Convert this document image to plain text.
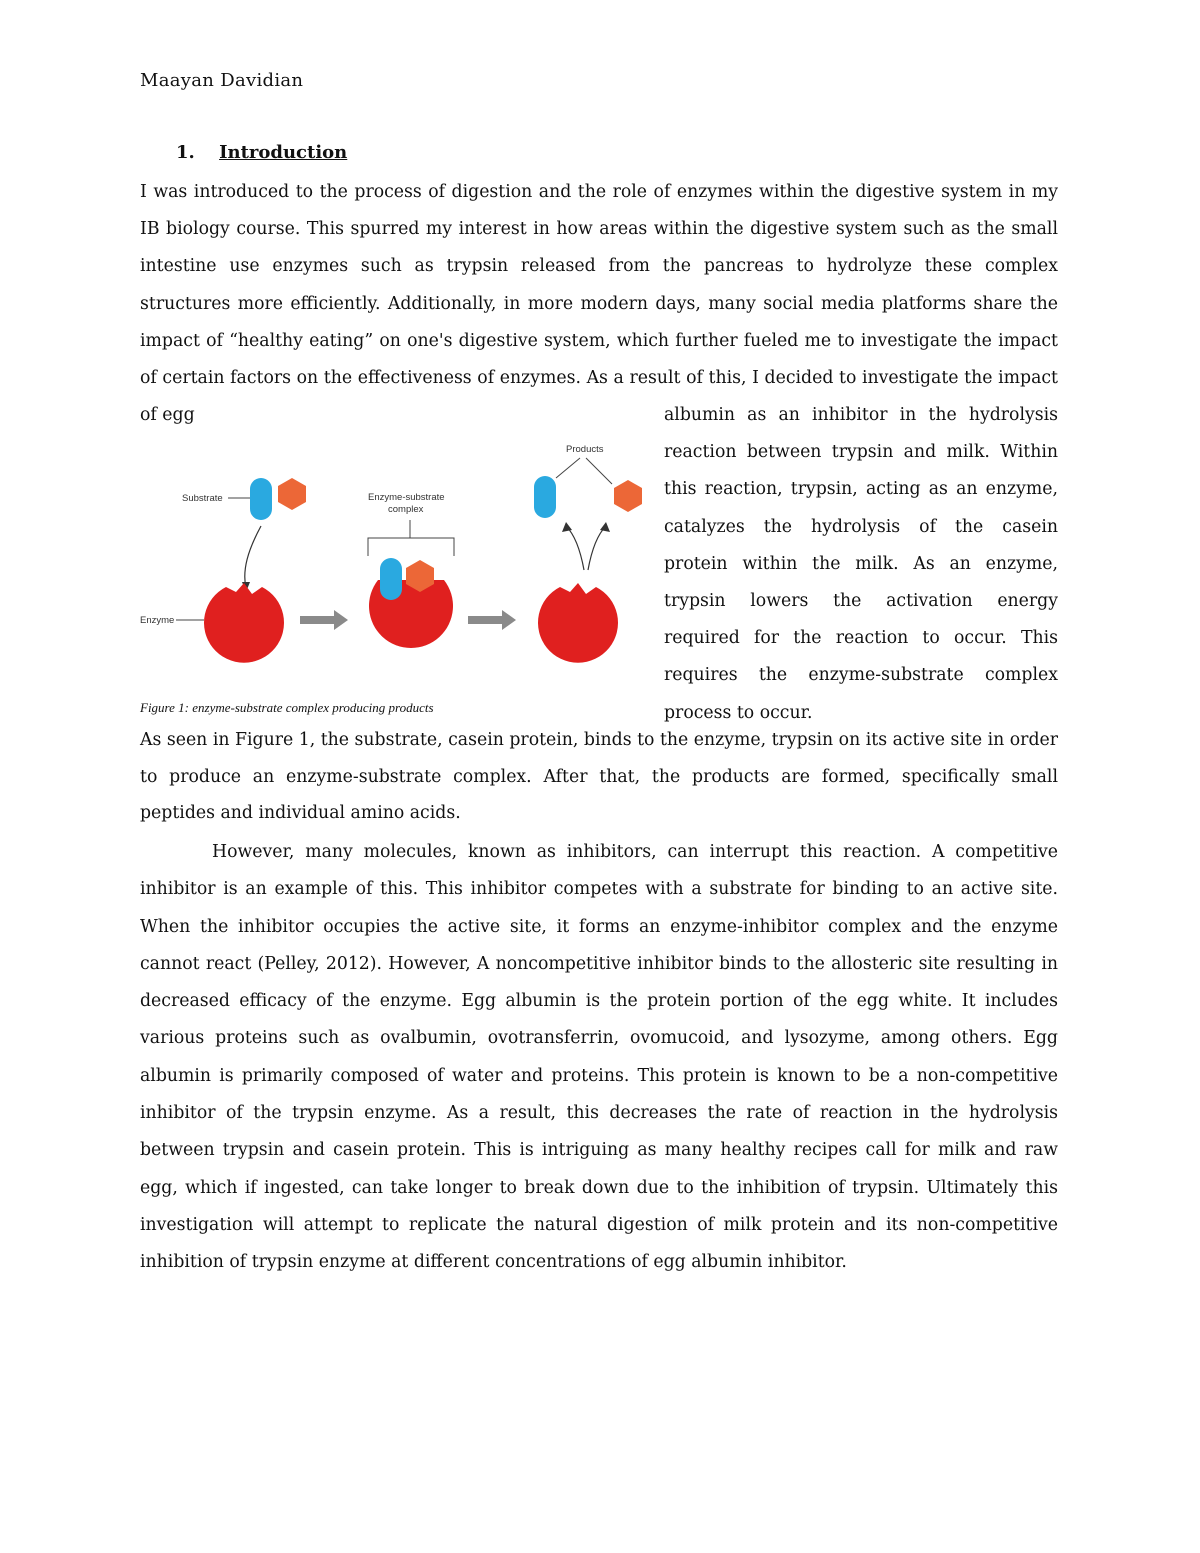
Maayan Davidian
1. Introduction

I was introduced to the process of digestion and the role of enzymes within the digestive system in my IB biology course. This spurred my interest in how areas within the digestive system such as the small intestine use enzymes such as trypsin released from the pancreas to hydrolyze these complex structures more efficiently. Additionally, in more modern days, many social media platforms share the impact of “healthy eating” on one's digestive system, which further fueled me to investigate the impact of certain factors on the effectiveness of enzymes. As a result of this, I decided to investigate the impact of egg	albumin as an inhibitor in the hydrolysis reaction between trypsin and milk. Within this reaction, trypsin, acting as an enzyme, catalyzes the hydrolysis of the casein protein within the milk. As an enzyme, trypsin lowers the activation energy required for the reaction to occur. This requires the enzyme-substrate complex process to occur.

Substrate
Enzyme
Enzyme-substrate
complex
Products
Figure 1: enzyme-substrate complex producing products

As seen in Figure 1, the substrate, casein protein, binds to the enzyme, trypsin on its active site in order to produce an enzyme-substrate complex. After that, the products are formed, specifically small peptides and individual amino acids.

However, many molecules, known as inhibitors, can interrupt this reaction. A competitive inhibitor is an example of this. This inhibitor competes with a substrate for binding to an active site. When the inhibitor occupies the active site, it forms an enzyme-inhibitor complex and the enzyme cannot react (Pelley, 2012). However, A noncompetitive inhibitor binds to the allosteric site resulting in decreased efficacy of the enzyme. Egg albumin is the protein portion of the egg white. It includes various proteins such as ovalbumin, ovotransferrin, ovomucoid, and lysozyme, among others. Egg albumin is primarily composed of water and proteins. This protein is known to be a non-competitive inhibitor of the trypsin enzyme. As a result, this decreases the rate of reaction in the hydrolysis between trypsin and casein protein. This is intriguing as many healthy recipes call for milk and raw egg, which if ingested, can take longer to break down due to the inhibition of trypsin. Ultimately this investigation will attempt to replicate the natural digestion of milk protein and its non-competitive inhibition of trypsin enzyme at different concentrations of egg albumin inhibitor.
